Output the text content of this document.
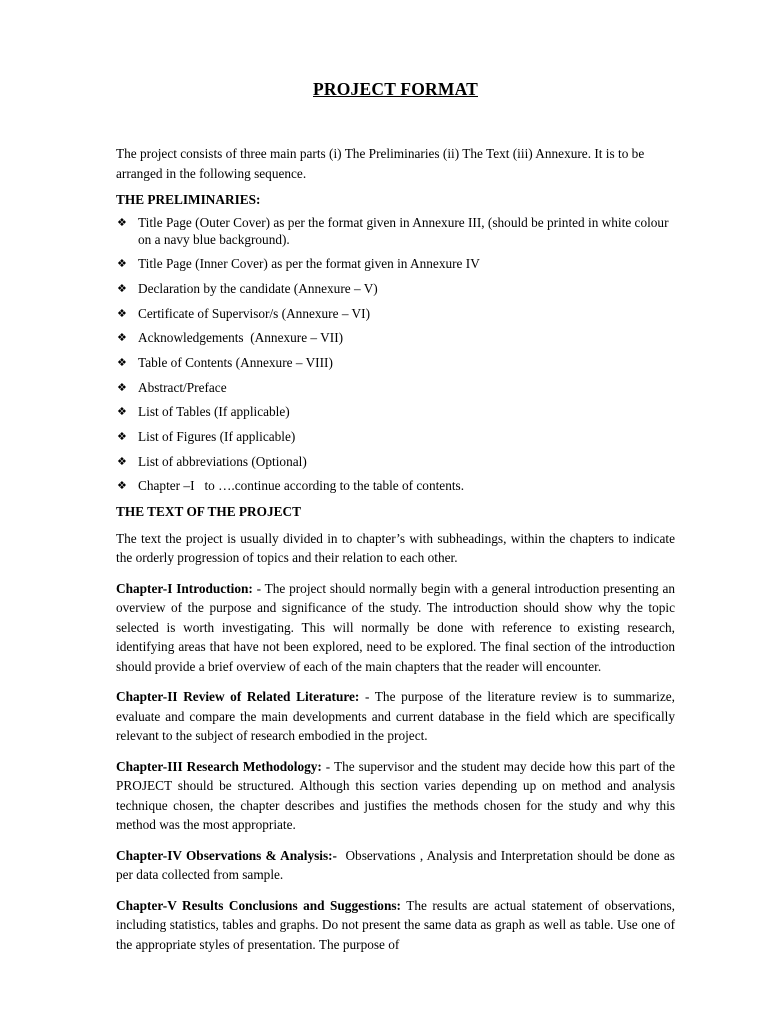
PROJECT FORMAT

The project consists of three main parts (i) The Preliminaries (ii) The Text (iii) Annexure. It is to be arranged in the following sequence.

THE PRELIMINARIES:
❖ Title Page (Outer Cover) as per the format given in Annexure III, (should be printed in white colour on a navy blue background).
❖ Title Page (Inner Cover) as per the format given in Annexure IV
❖ Declaration by the candidate (Annexure – V)
❖ Certificate of Supervisor/s (Annexure – VI)
❖ Acknowledgements  (Annexure – VII)
❖ Table of Contents (Annexure – VIII)
❖ Abstract/Preface
❖ List of Tables (If applicable)
❖ List of Figures (If applicable)
❖ List of abbreviations (Optional)
❖ Chapter –I   to ….continue according to the table of contents.
THE TEXT OF THE PROJECT

The text the project is usually divided in to chapter’s with subheadings, within the chapters to indicate the orderly progression of topics and their relation to each other.

Chapter-I Introduction: - The project should normally begin with a general introduction presenting an overview of the purpose and significance of the study. The introduction should show why the topic selected is worth investigating. This will normally be done with reference to existing research, identifying areas that have not been explored, need to be explored. The final section of the introduction should provide a brief overview of each of the main chapters that the reader will encounter.

Chapter-II Review of Related Literature: - The purpose of the literature review is to summarize, evaluate and compare the main developments and current database in the field which are specifically relevant to the subject of research embodied in the project.

Chapter-III Research Methodology: - The supervisor and the student may decide how this part of the PROJECT should be structured. Although this section varies depending up on method and analysis technique chosen, the chapter describes and justifies the methods chosen for the study and why this method was the most appropriate.

Chapter-IV Observations & Analysis:-  Observations , Analysis and Interpretation should be done as per data collected from sample.

Chapter-V Results Conclusions and Suggestions: The results are actual statement of observations, including statistics, tables and graphs. Do not present the same data as graph as well as table. Use one of the appropriate styles of presentation. The purpose of
